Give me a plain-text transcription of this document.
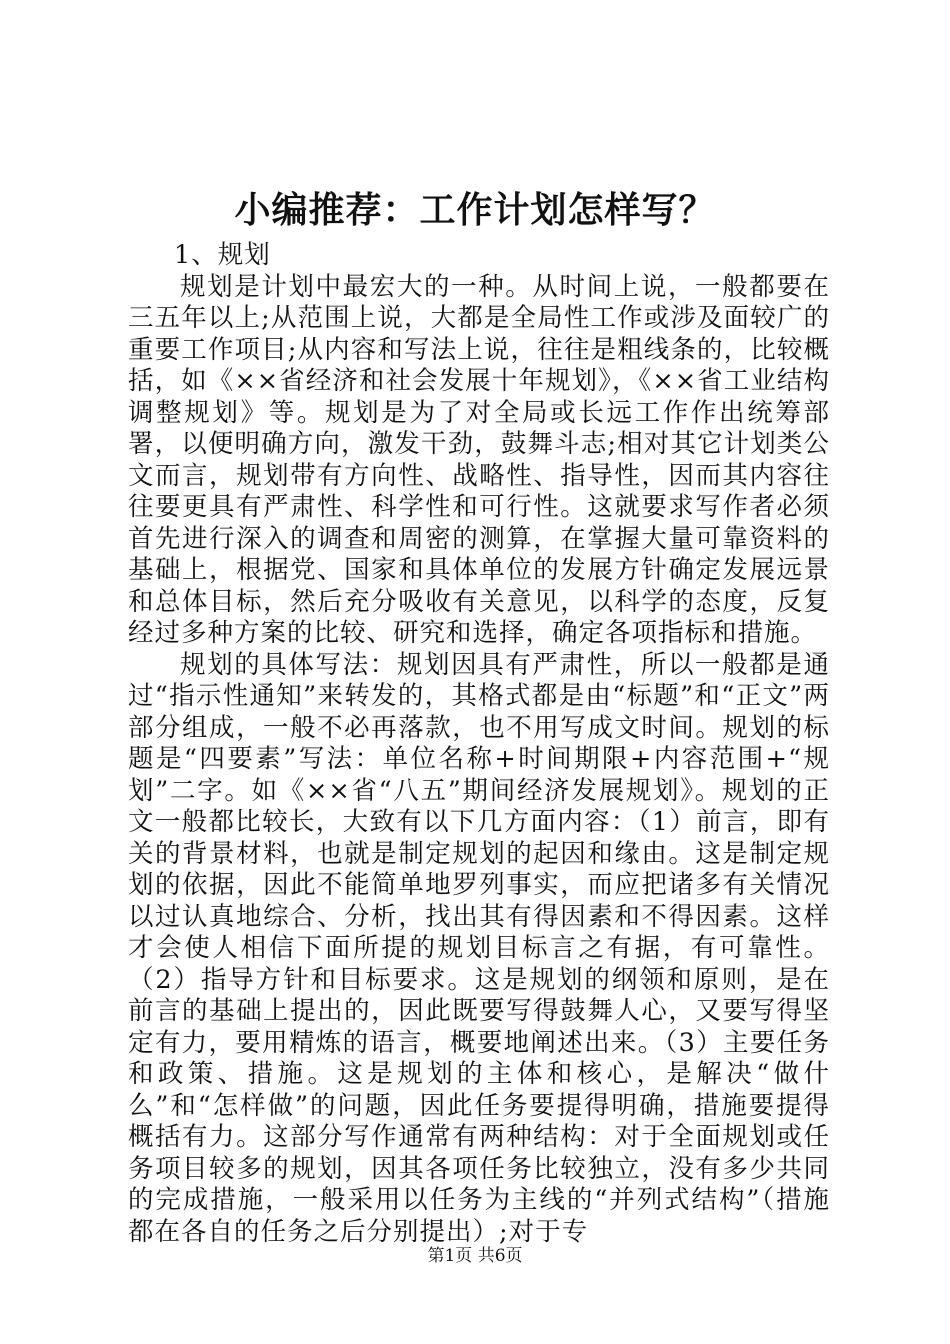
小编推荐：工作计划怎样写？

1、规划

规划是计划中最宏大的一种。从时间上说，一般都要在三五年以上;从范围上说，大都是全局性工作或涉及面较广的重要工作项目;从内容和写法上说，往往是粗线条的，比较概括，如《××省经济和社会发展十年规划》，《××省工业结构调整规划》等。规划是为了对全局或长远工作作出统筹部署，以便明确方向，激发干劲，鼓舞斗志;相对其它计划类公文而言，规划带有方向性、战略性、指导性，因而其内容往往要更具有严肃性、科学性和可行性。这就要求写作者必须首先进行深入的调查和周密的测算，在掌握大量可靠资料的基础上，根据党、国家和具体单位的发展方针确定发展远景和总体目标，然后充分吸收有关意见，以科学的态度，反复经过多种方案的比较、研究和选择，确定各项指标和措施。

规划的具体写法：规划因具有严肃性，所以一般都是通过“指示性通知”来转发的，其格式都是由“标题”和“正文”两部分组成，一般不必再落款，也不用写成文时间。规划的标题是“四要素”写法：单位名称+时间期限+内容范围+“规划”二字。如《××省“八五”期间经济发展规划》。规划的正文一般都比较长，大致有以下几方面内容：（1）前言，即有关的背景材料，也就是制定规划的起因和缘由。这是制定规划的依据，因此不能简单地罗列事实，而应把诸多有关情况以过认真地综合、分析，找出其有得因素和不得因素。这样才会使人相信下面所提的规划目标言之有据，有可靠性。（2）指导方针和目标要求。这是规划的纲领和原则，是在前言的基础上提出的，因此既要写得鼓舞人心，又要写得坚定有力，要用精炼的语言，概要地阐述出来。（3）主要任务和政策、措施。这是规划的主体和核心，是解决“做什么”和“怎样做”的问题，因此任务要提得明确，措施要提得概括有力。这部分写作通常有两种结构：对于全面规划或任务项目较多的规划，因其各项任务比较独立，没有多少共同的完成措施，一般采用以任务为主线的“并列式结构”（措施都在各自的任务之后分别提出）;对于专

第1页 共6页
